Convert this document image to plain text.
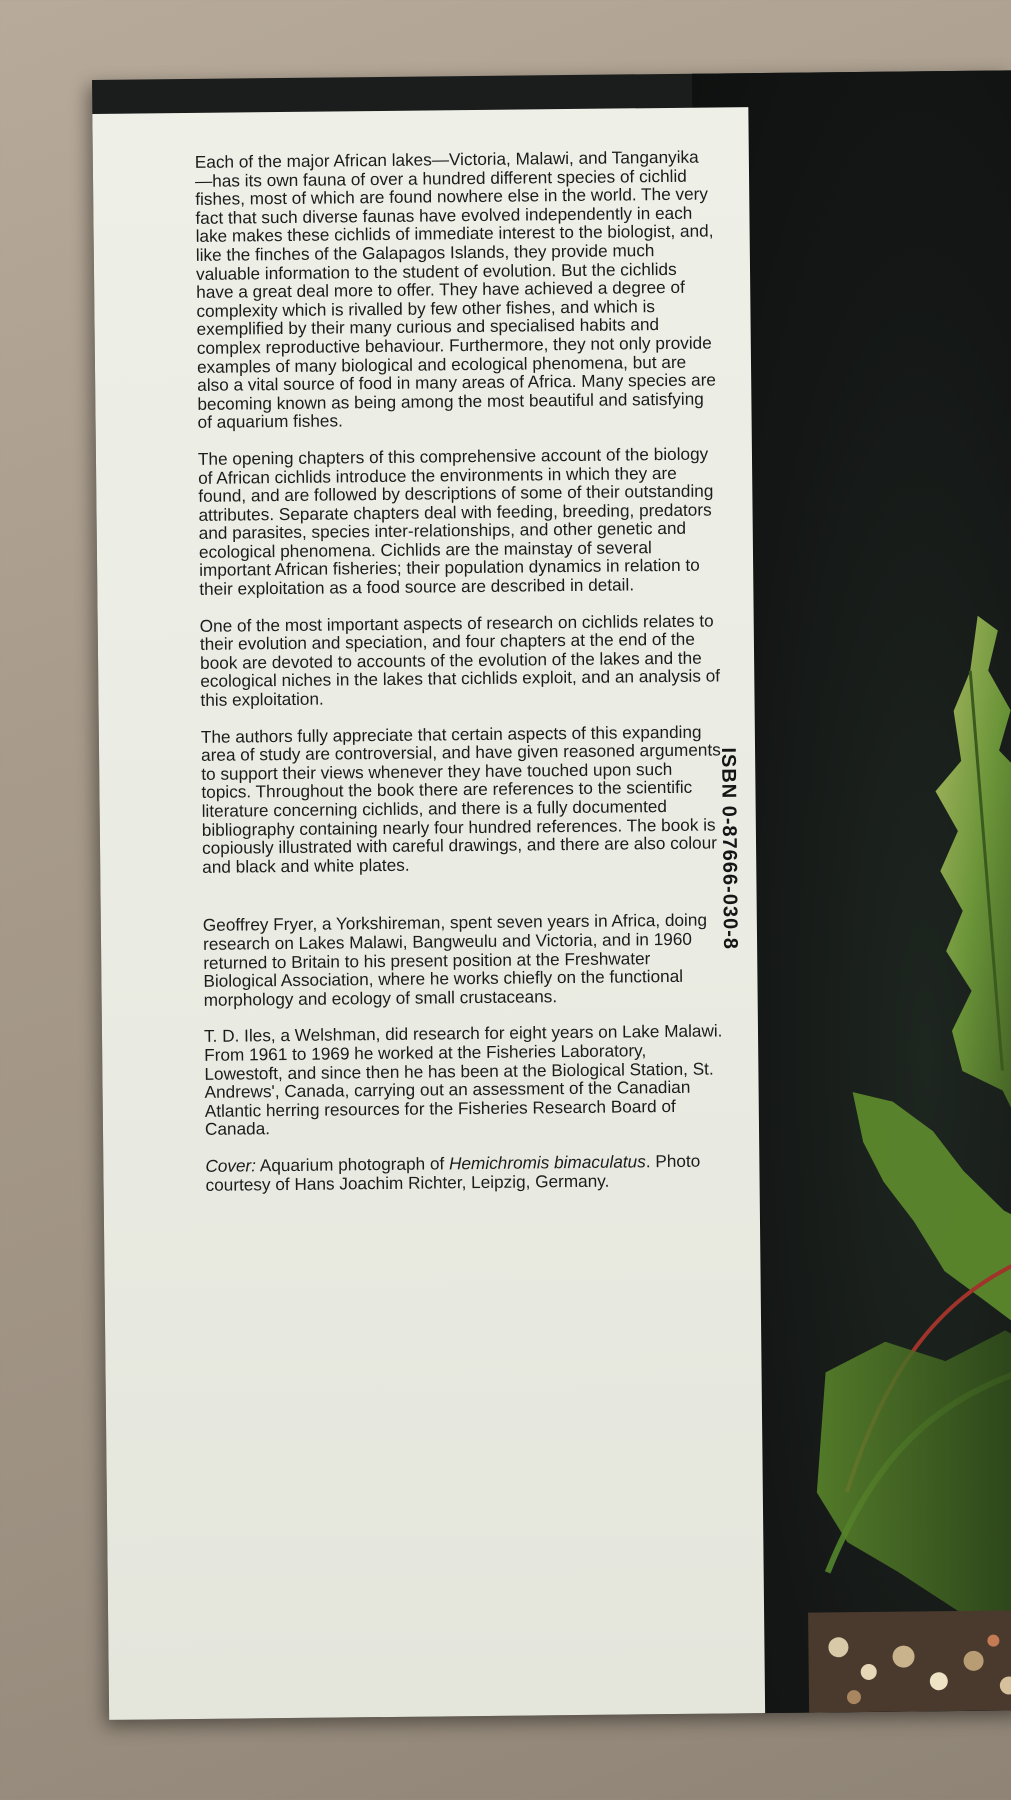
Each of the major African lakes—Victoria, Malawi, and Tanganyika—has its own fauna of over a hundred different species of cichlid fishes, most of which are found nowhere else in the world. The very fact that such diverse faunas have evolved independently in each lake makes these cichlids of immediate interest to the biologist, and, like the finches of the Galapagos Islands, they provide much valuable information to the student of evolution. But the cichlids have a great deal more to offer. They have achieved a degree of complexity which is rivalled by few other fishes, and which is exemplified by their many curious and specialised habits and complex reproductive behaviour. Furthermore, they not only provide examples of many biological and ecological phenomena, but are also a vital source of food in many areas of Africa. Many species are becoming known as being among the most beautiful and satisfying of aquarium fishes.

The opening chapters of this comprehensive account of the biology of African cichlids introduce the environments in which they are found, and are followed by descriptions of some of their outstanding attributes. Separate chapters deal with feeding, breeding, predators and parasites, species inter-relationships, and other genetic and ecological phenomena. Cichlids are the mainstay of several important African fisheries; their population dynamics in relation to their exploitation as a food source are described in detail.

One of the most important aspects of research on cichlids relates to their evolution and speciation, and four chapters at the end of the book are devoted to accounts of the evolution of the lakes and the ecological niches in the lakes that cichlids exploit, and an analysis of this exploitation.

The authors fully appreciate that certain aspects of this expanding area of study are controversial, and have given reasoned arguments to support their views whenever they have touched upon such topics. Throughout the book there are references to the scientific literature concerning cichlids, and there is a fully documented bibliography containing nearly four hundred references. The book is copiously illustrated with careful drawings, and there are also colour and black and white plates.

Geoffrey Fryer, a Yorkshireman, spent seven years in Africa, doing research on Lakes Malawi, Bangweulu and Victoria, and in 1960 returned to Britain to his present position at the Freshwater Biological Association, where he works chiefly on the functional morphology and ecology of small crustaceans.

T. D. Iles, a Welshman, did research for eight years on Lake Malawi. From 1961 to 1969 he worked at the Fisheries Laboratory, Lowestoft, and since then he has been at the Biological Station, St. Andrews', Canada, carrying out an assessment of the Canadian Atlantic herring resources for the Fisheries Research Board of Canada.

Cover: Aquarium photograph of Hemichromis bimaculatus. Photo courtesy of Hans Joachim Richter, Leipzig, Germany.

ISBN 0-87666-030-8
